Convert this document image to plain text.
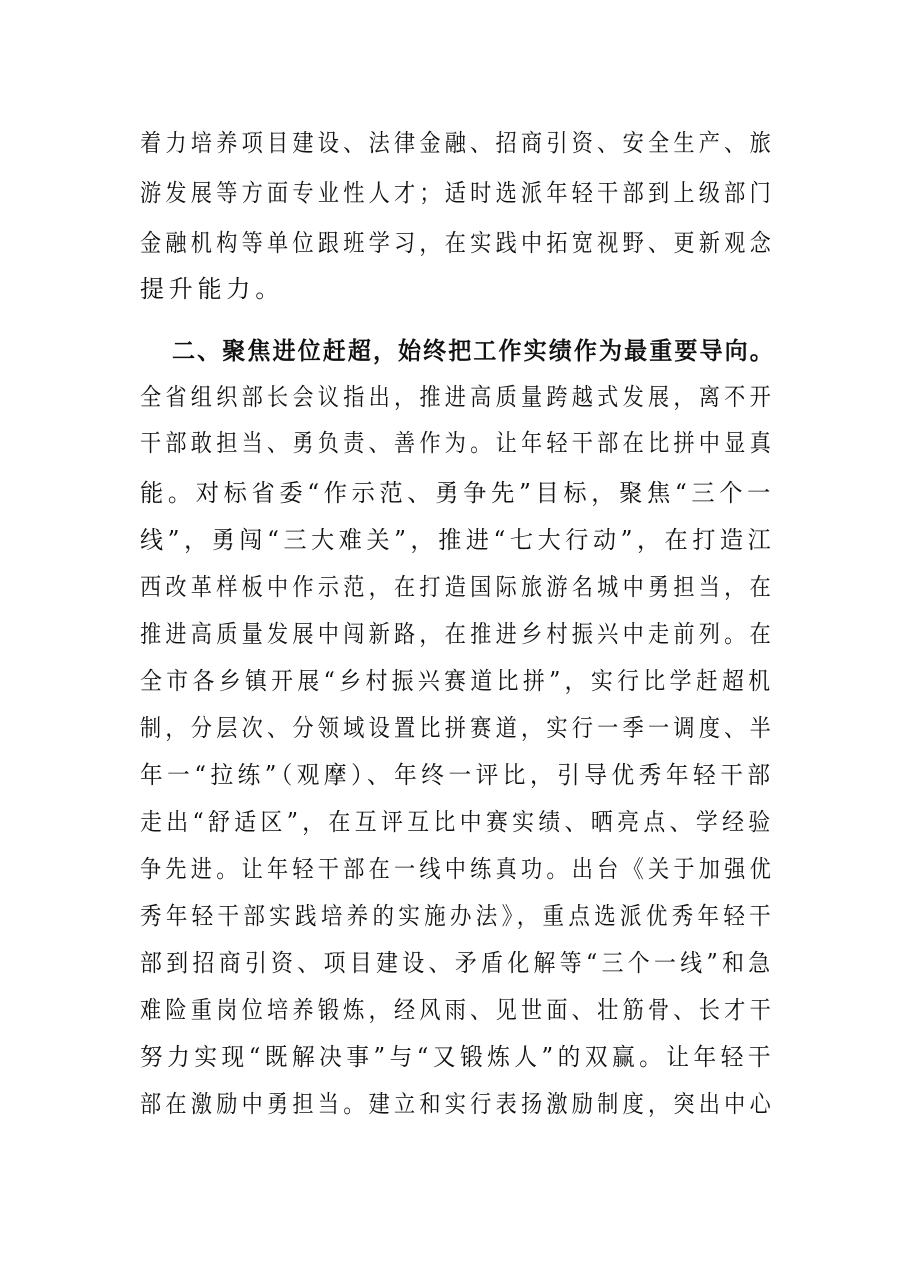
着力培养项目建设、法律金融、招商引资、安全生产、旅
游发展等方面专业性人才；适时选派年轻干部到上级部门
金融机构等单位跟班学习，在实践中拓宽视野、更新观念
提升能力。
二、聚焦进位赶超，始终把工作实绩作为最重要导向。
全省组织部长会议指出，推进高质量跨越式发展，离不开
干部敢担当、勇负责、善作为。让年轻干部在比拼中显真
能。对标省委“作示范、勇争先”目标，聚焦“三个一
线”，勇闯“三大难关”，推进“七大行动”，在打造江
西改革样板中作示范，在打造国际旅游名城中勇担当，在
推进高质量发展中闯新路，在推进乡村振兴中走前列。在
全市各乡镇开展“乡村振兴赛道比拼”，实行比学赶超机
制，分层次、分领域设置比拼赛道，实行一季一调度、半
年一“拉练”（观摩）、年终一评比，引导优秀年轻干部
走出“舒适区”，在互评互比中赛实绩、晒亮点、学经验
争先进。让年轻干部在一线中练真功。出台《关于加强优
秀年轻干部实践培养的实施办法》，重点选派优秀年轻干
部到招商引资、项目建设、矛盾化解等“三个一线”和急
难险重岗位培养锻炼，经风雨、见世面、壮筋骨、长才干
努力实现“既解决事”与“又锻炼人”的双赢。让年轻干
部在激励中勇担当。建立和实行表扬激励制度，突出中心
